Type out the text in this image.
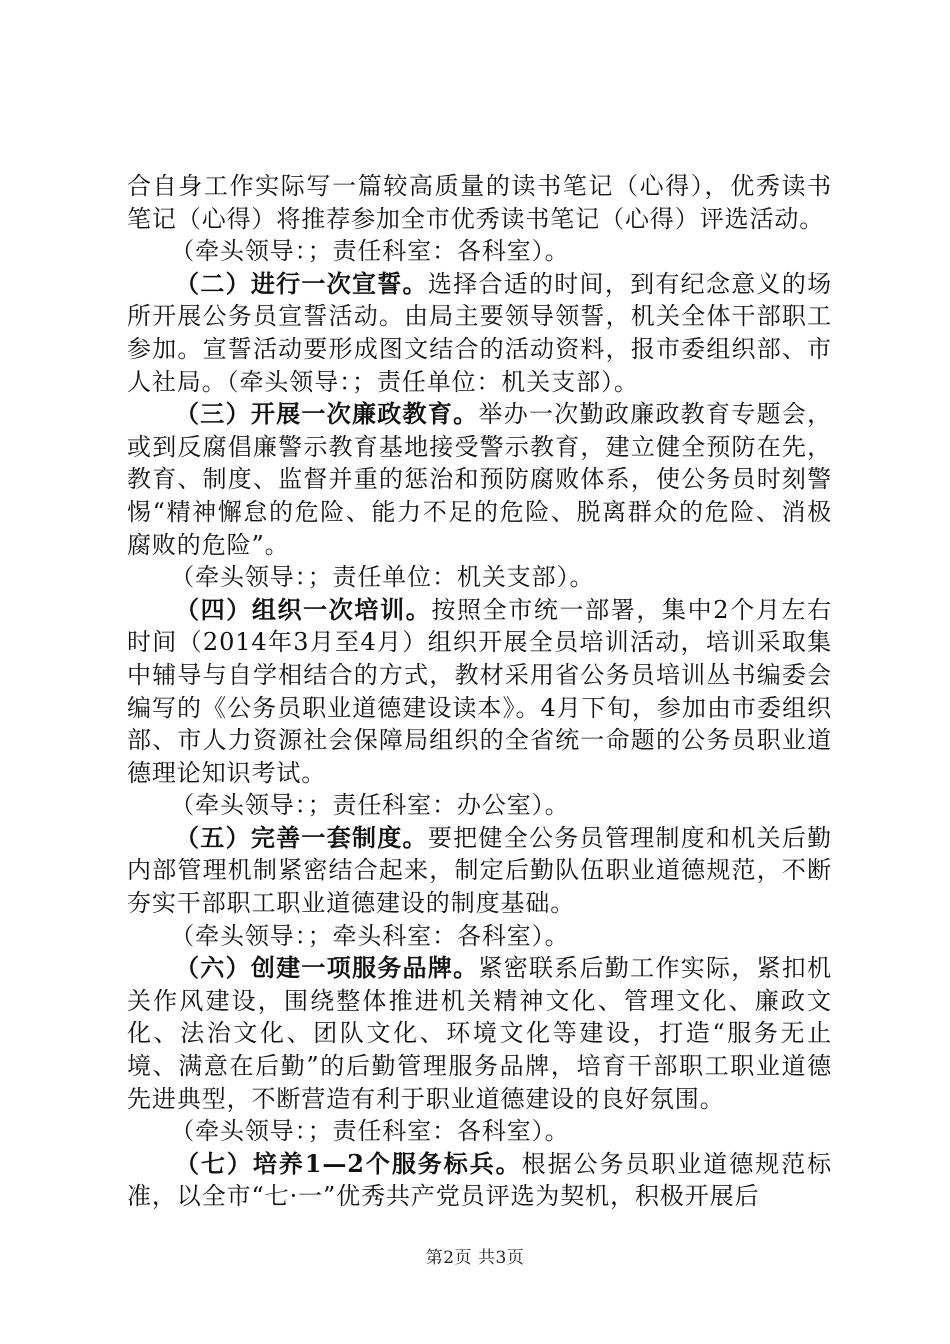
合自身工作实际写一篇较高质量的读书笔记（心得），优秀读书笔记（心得）将推荐参加全市优秀读书笔记（心得）评选活动。

（牵头领导：；责任科室：各科室）。

（二）进行一次宣誓。选择合适的时间，到有纪念意义的场所开展公务员宣誓活动。由局主要领导领誓，机关全体干部职工参加。宣誓活动要形成图文结合的活动资料，报市委组织部、市人社局。（牵头领导：；责任单位：机关支部）。

（三）开展一次廉政教育。举办一次勤政廉政教育专题会，或到反腐倡廉警示教育基地接受警示教育，建立健全预防在先，教育、制度、监督并重的惩治和预防腐败体系，使公务员时刻警惕“精神懈怠的危险、能力不足的危险、脱离群众的危险、消极腐败的危险”。

（牵头领导：；责任单位：机关支部）。

（四）组织一次培训。按照全市统一部署，集中2个月左右时间（2014年3月至4月）组织开展全员培训活动，培训采取集中辅导与自学相结合的方式，教材采用省公务员培训丛书编委会编写的《公务员职业道德建设读本》。4月下旬，参加由市委组织部、市人力资源社会保障局组织的全省统一命题的公务员职业道德理论知识考试。

（牵头领导：；责任科室：办公室）。

（五）完善一套制度。要把健全公务员管理制度和机关后勤内部管理机制紧密结合起来，制定后勤队伍职业道德规范，不断夯实干部职工职业道德建设的制度基础。

（牵头领导：；牵头科室：各科室）。

（六）创建一项服务品牌。紧密联系后勤工作实际，紧扣机关作风建设，围绕整体推进机关精神文化、管理文化、廉政文化、法治文化、团队文化、环境文化等建设，打造“服务无止境、满意在后勤”的后勤管理服务品牌，培育干部职工职业道德先进典型，不断营造有利于职业道德建设的良好氛围。

（牵头领导：；责任科室：各科室）。

（七）培养1—2个服务标兵。根据公务员职业道德规范标准，以全市“七·一”优秀共产党员评选为契机，积极开展后

第2页 共3页
